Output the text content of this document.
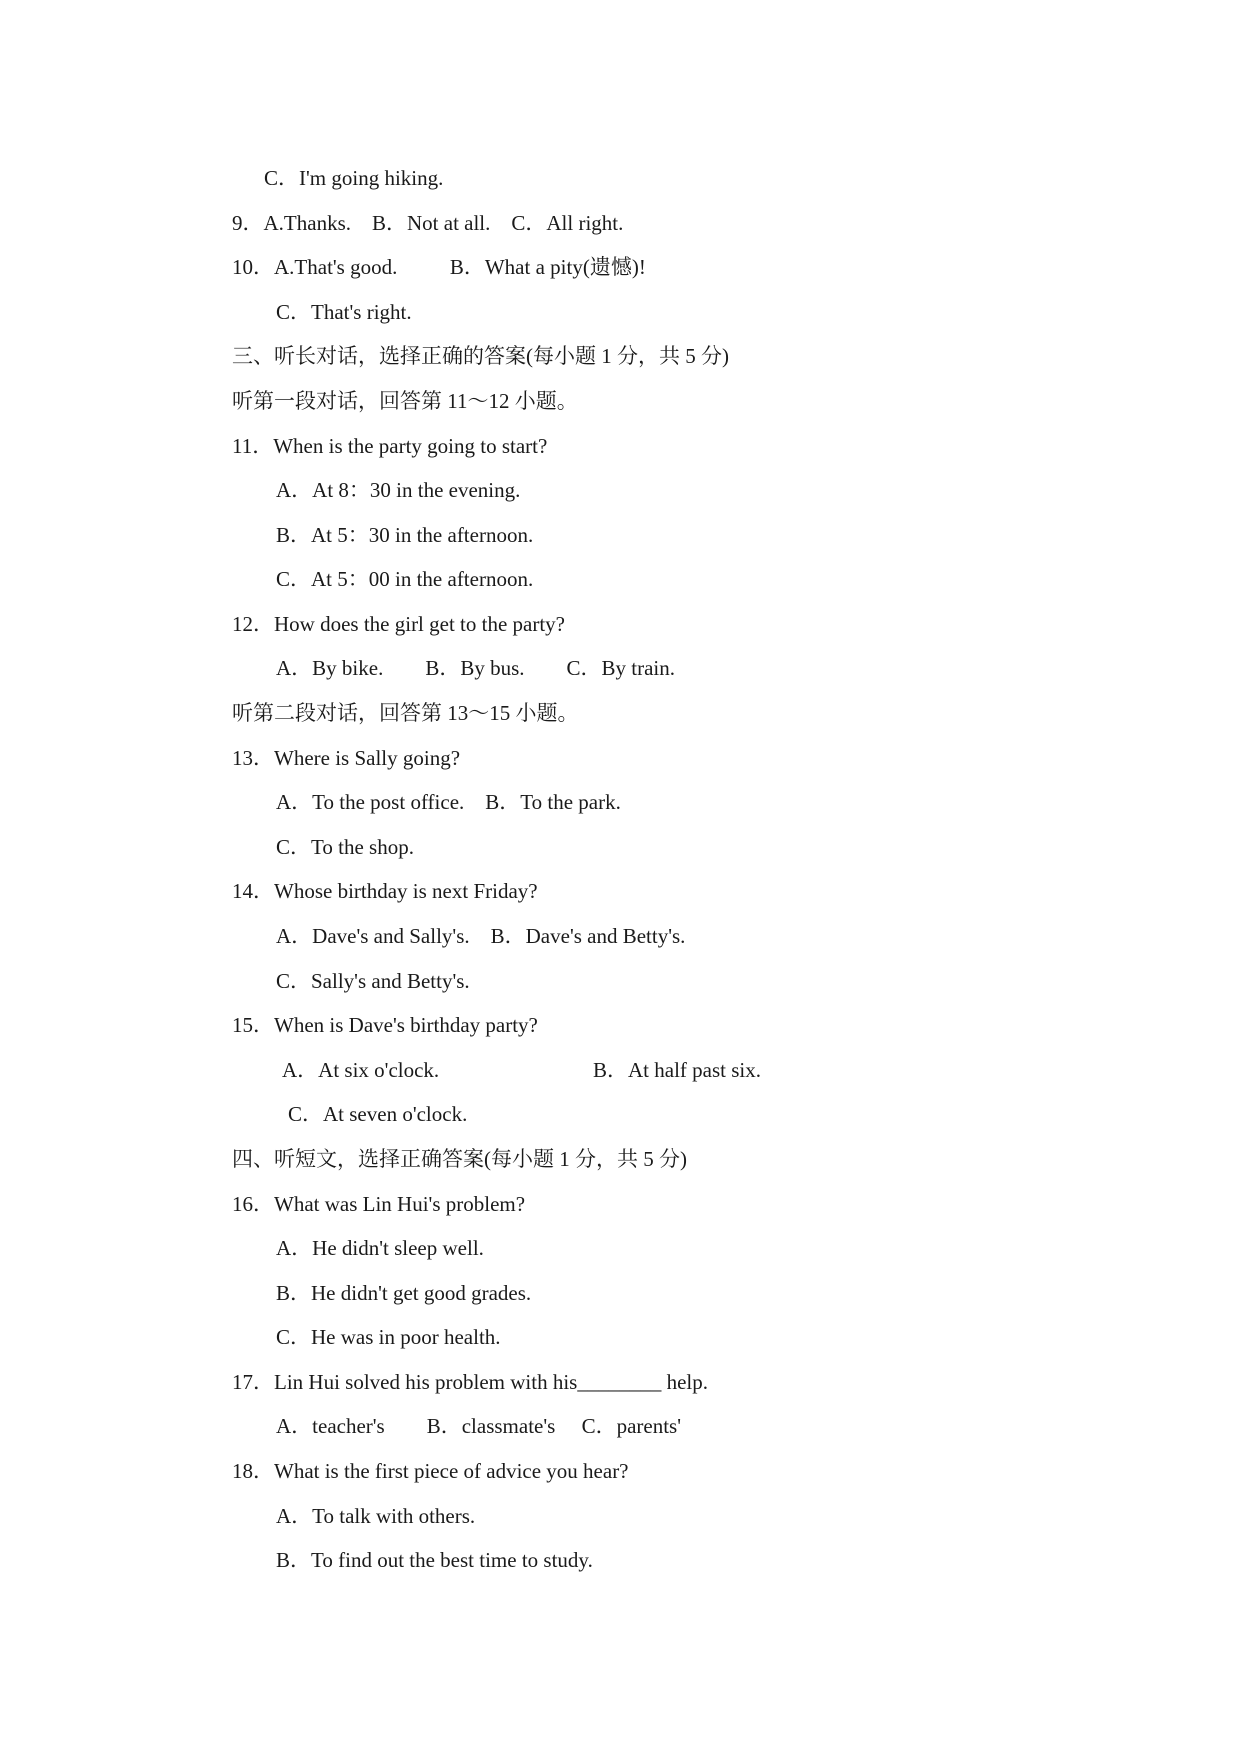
C．I'm going hiking.
9．A.Thanks.    B．Not at all.    C．All right.
10．A.That's good.          B．What a pity(遗憾)!
C．That's right.
三、听长对话，选择正确的答案(每小题 1 分，共 5 分)
听第一段对话，回答第 11～12 小题。
11．When is the party going to start?
A．At 8：30 in the evening.
B．At 5：30 in the afternoon.
C．At 5：00 in the afternoon.
12．How does the girl get to the party?
A．By bike.        B．By bus.        C．By train.
听第二段对话，回答第 13～15 小题。
13．Where is Sally going?
A．To the post office.    B．To the park.
C．To the shop.
14．Whose birthday is next Friday?
A．Dave's and Sally's.    B．Dave's and Betty's.
C．Sally's and Betty's.
15．When is Dave's birthday party?
A．At six o'clock.	B．At half past six.
C．At seven o'clock.
四、听短文，选择正确答案(每小题 1 分，共 5 分)
16．What was Lin Hui's problem?
A．He didn't sleep well.
B．He didn't get good grades.
C．He was in poor health.
17．Lin Hui solved his problem with his________ help.
A．teacher's        B．classmate's     C．parents'
18．What is the first piece of advice you hear?
A．To talk with others.
B．To find out the best time to study.
